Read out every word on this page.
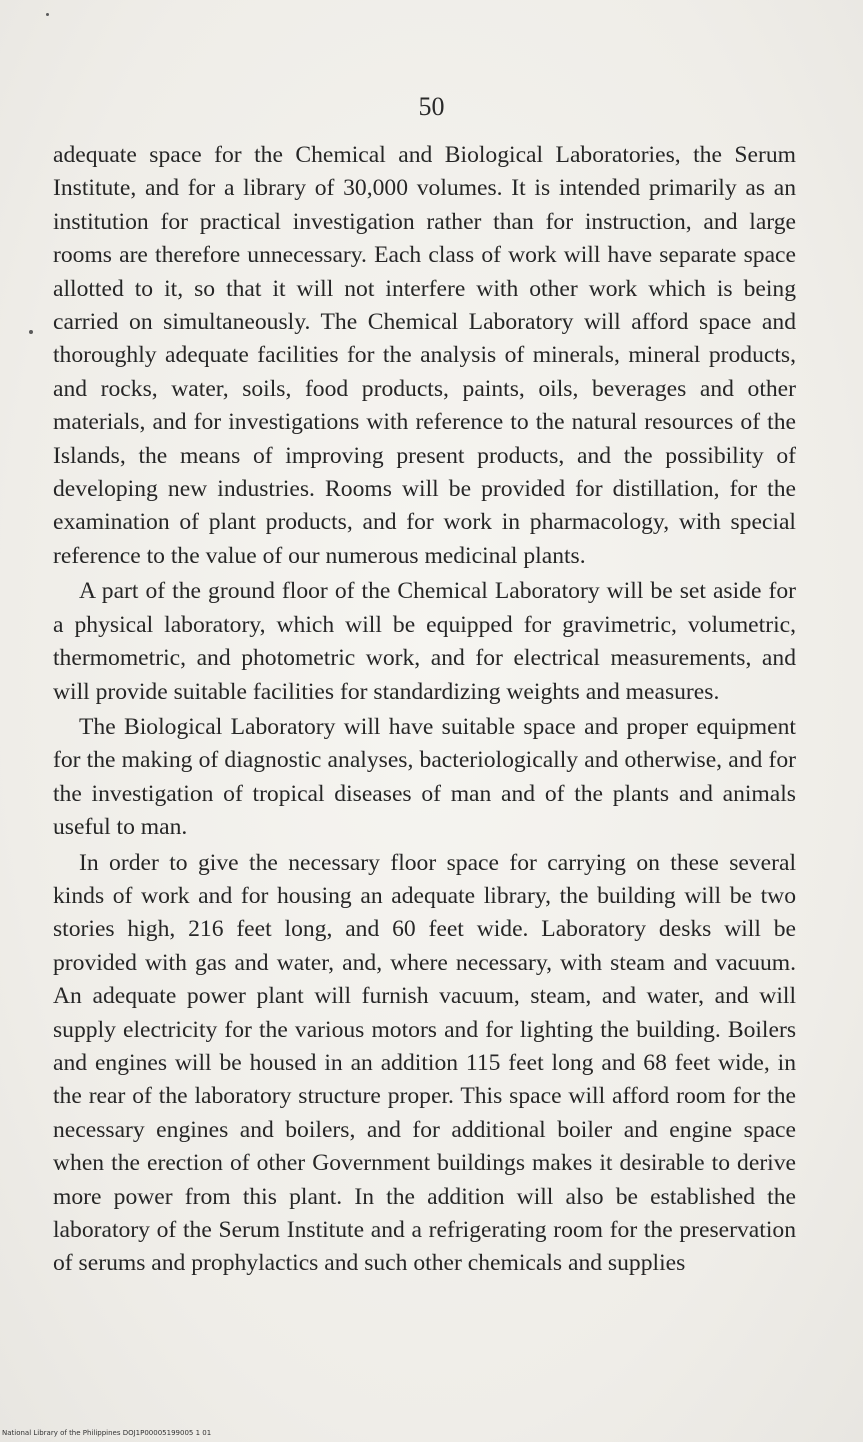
50

adequate space for the Chemical and Biological Laboratories, the Serum Institute, and for a library of 30,000 volumes. It is intended primarily as an institution for practical investigation rather than for instruction, and large rooms are therefore unnecessary. Each class of work will have separate space allotted to it, so that it will not interfere with other work which is being carried on simultaneously. The Chemical Laboratory will afford space and thoroughly adequate facilities for the analysis of minerals, mineral products, and rocks, water, soils, food products, paints, oils, beverages and other materials, and for investigations with reference to the natural resources of the Islands, the means of improving present products, and the possibility of developing new industries. Rooms will be provided for distillation, for the examination of plant products, and for work in pharmacology, with special reference to the value of our numerous medicinal plants.

A part of the ground floor of the Chemical Laboratory will be set aside for a physical laboratory, which will be equipped for gravimetric, volumetric, thermometric, and photometric work, and for electrical measurements, and will provide suitable facilities for standardizing weights and measures.

The Biological Laboratory will have suitable space and proper equipment for the making of diagnostic analyses, bacteriologically and otherwise, and for the investigation of tropical diseases of man and of the plants and animals useful to man.

In order to give the necessary floor space for carrying on these several kinds of work and for housing an adequate library, the building will be two stories high, 216 feet long, and 60 feet wide. Laboratory desks will be provided with gas and water, and, where necessary, with steam and vacuum. An adequate power plant will furnish vacuum, steam, and water, and will supply electricity for the various motors and for lighting the building. Boilers and engines will be housed in an addition 115 feet long and 68 feet wide, in the rear of the laboratory structure proper. This space will afford room for the necessary engines and boilers, and for additional boiler and engine space when the erection of other Government buildings makes it desirable to derive more power from this plant. In the addition will also be established the laboratory of the Serum Institute and a refrigerating room for the preservation of serums and prophylactics and such other chemicals and supplies

National Library of the Philippines DOJ1P00005199005 1 01
